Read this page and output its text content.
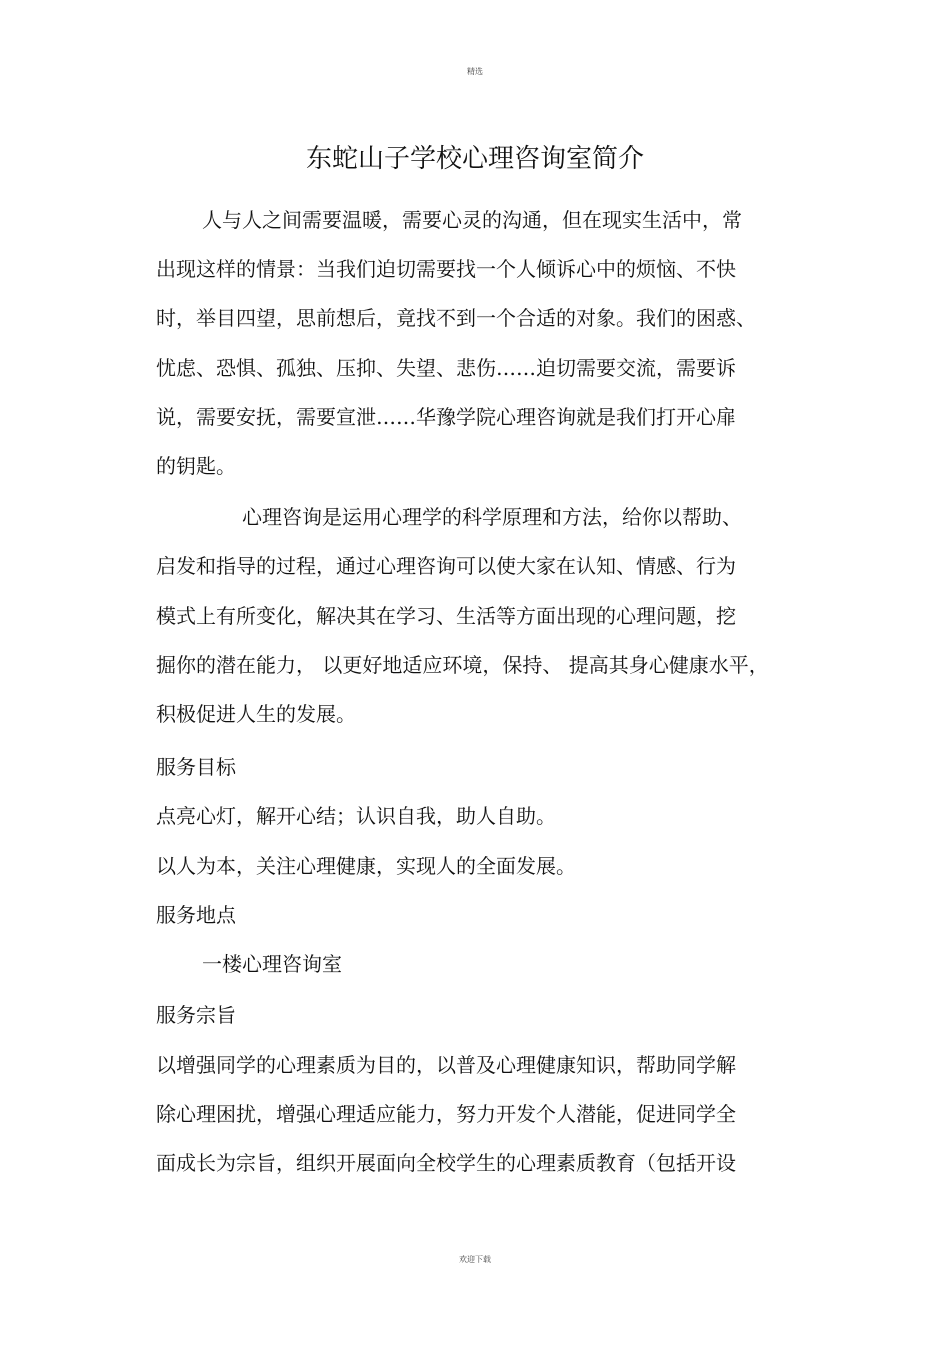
精选
东蛇山子学校心理咨询室简介
人与人之间需要温暖，需要心灵的沟通，但在现实生活中，常
出现这样的情景：当我们迫切需要找一个人倾诉心中的烦恼、不快
时，举目四望，思前想后，竟找不到一个合适的对象。我们的困惑、
忧虑、恐惧、孤独、压抑、失望、悲伤……迫切需要交流，需要诉
说，需要安抚，需要宣泄……华豫学院心理咨询就是我们打开心扉
的钥匙。
心理咨询是运用心理学的科学原理和方法，给你以帮助、
启发和指导的过程，通过心理咨询可以使大家在认知、情感、行为
模式上有所变化，解决其在学习、生活等方面出现的心理问题，挖
掘你的潜在能力， 以更好地适应环境，保持、 提高其身心健康水平，
积极促进人生的发展。
服务目标
点亮心灯，解开心结；认识自我，助人自助。
以人为本，关注心理健康，实现人的全面发展。
服务地点
一楼心理咨询室
服务宗旨
以增强同学的心理素质为目的，以普及心理健康知识，帮助同学解
除心理困扰，增强心理适应能力，努力开发个人潜能，促进同学全
面成长为宗旨，组织开展面向全校学生的心理素质教育（包括开设
欢迎下载
